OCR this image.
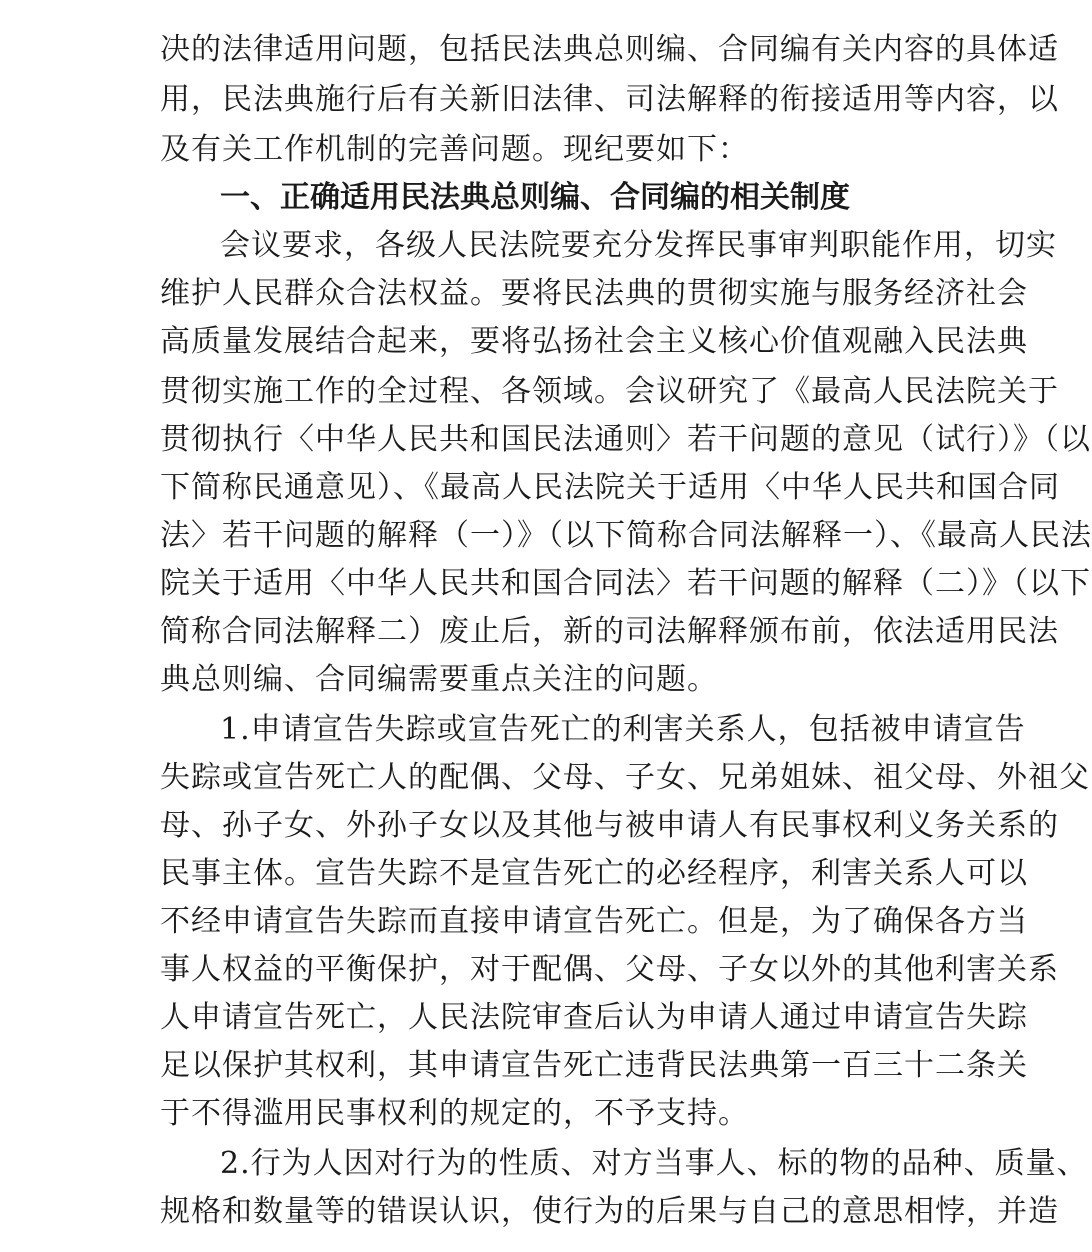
决的法律适用问题，包括民法典总则编、合同编有关内容的具体适
用，民法典施行后有关新旧法律、司法解释的衔接适用等内容，以
及有关工作机制的完善问题。现纪要如下：
一、正确适用民法典总则编、合同编的相关制度
会议要求，各级人民法院要充分发挥民事审判职能作用，切实
维护人民群众合法权益。要将民法典的贯彻实施与服务经济社会
高质量发展结合起来，要将弘扬社会主义核心价值观融入民法典
贯彻实施工作的全过程、各领域。会议研究了《最高人民法院关于
贯彻执行〈中华人民共和国民法通则〉若干问题的意见（试行）》（以
下简称民通意见）、《最高人民法院关于适用〈中华人民共和国合同
法〉若干问题的解释（一）》（以下简称合同法解释一）、《最高人民法
院关于适用〈中华人民共和国合同法〉若干问题的解释（二）》（以下
简称合同法解释二）废止后，新的司法解释颁布前，依法适用民法
典总则编、合同编需要重点关注的问题。
1.申请宣告失踪或宣告死亡的利害关系人，包括被申请宣告
失踪或宣告死亡人的配偶、父母、子女、兄弟姐妹、祖父母、外祖父
母、孙子女、外孙子女以及其他与被申请人有民事权利义务关系的
民事主体。宣告失踪不是宣告死亡的必经程序，利害关系人可以
不经申请宣告失踪而直接申请宣告死亡。但是，为了确保各方当
事人权益的平衡保护，对于配偶、父母、子女以外的其他利害关系
人申请宣告死亡，人民法院审查后认为申请人通过申请宣告失踪
足以保护其权利，其申请宣告死亡违背民法典第一百三十二条关
于不得滥用民事权利的规定的，不予支持。
2.行为人因对行为的性质、对方当事人、标的物的品种、质量、
规格和数量等的错误认识，使行为的后果与自己的意思相悖，并造
